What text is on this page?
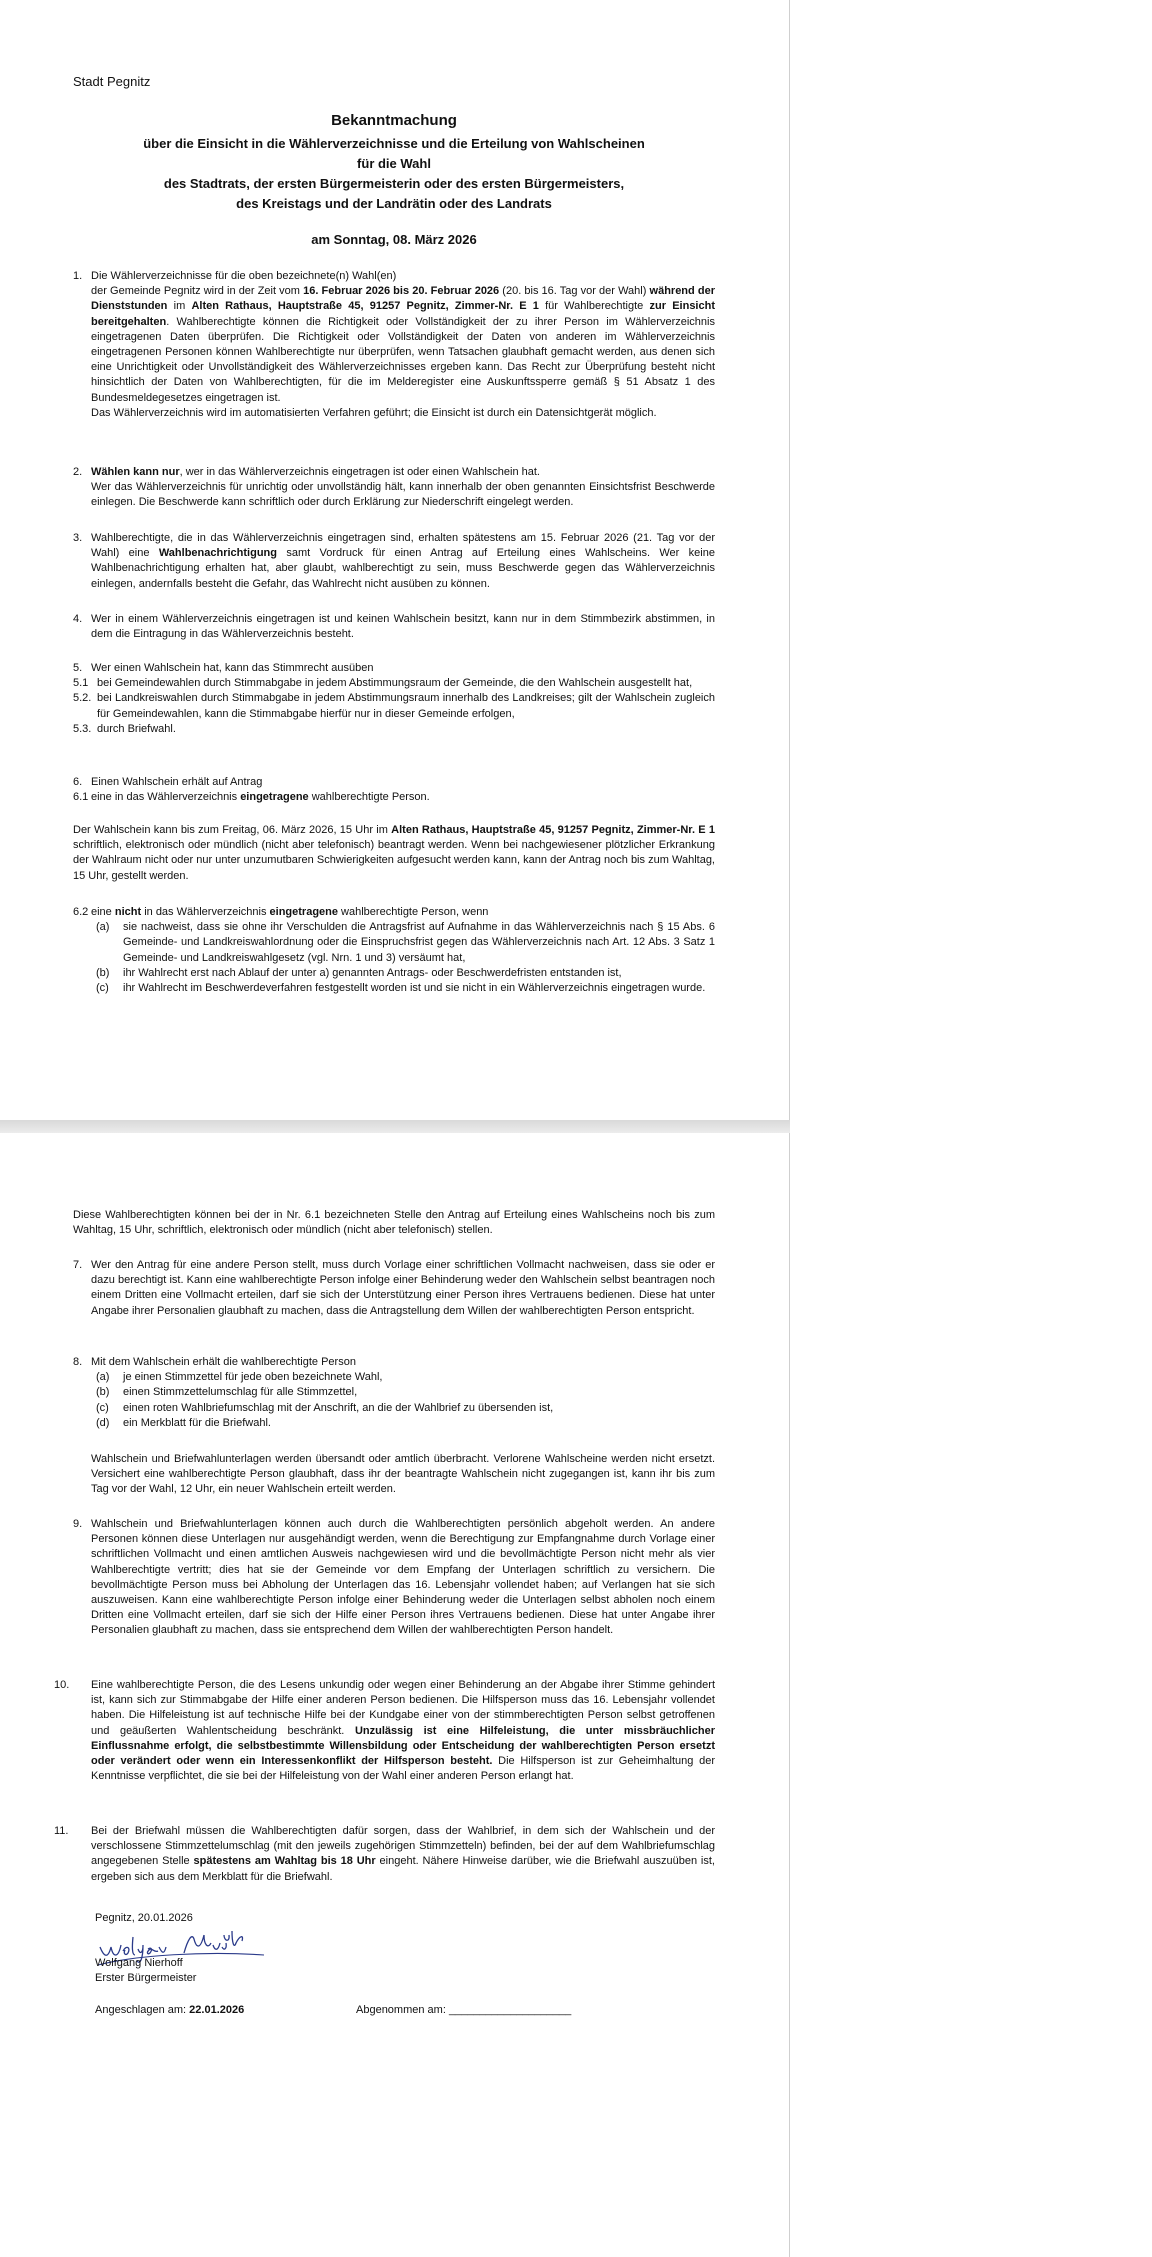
Stadt Pegnitz
Bekanntmachung
über die Einsicht in die Wählerverzeichnisse und die Erteilung von Wahlscheinen
für die Wahl
des Stadtrats, der ersten Bürgermeisterin oder des ersten Bürgermeisters,
des Kreistags und der Landrätin oder des Landrats
am Sonntag, 08. März 2026
1. Die Wählerverzeichnisse für die oben bezeichnete(n) Wahl(en)

der Gemeinde Pegnitz wird in der Zeit vom 16. Februar 2026 bis 20. Februar 2026 (20. bis 16. Tag vor der Wahl) während der Dienststunden im Alten Rathaus, Hauptstraße 45, 91257 Pegnitz, Zimmer-Nr. E 1 für Wahlberechtigte zur Einsicht bereitgehalten. Wahlberechtigte können die Richtigkeit oder Vollständigkeit der zu ihrer Person im Wählerverzeichnis eingetragenen Daten überprüfen. Die Richtigkeit oder Vollständigkeit der Daten von anderen im Wählerverzeichnis eingetragenen Personen können Wahlberechtigte nur überprüfen, wenn Tatsachen glaubhaft gemacht werden, aus denen sich eine Unrichtigkeit oder Unvollständigkeit des Wählerverzeichnisses ergeben kann. Das Recht zur Überprüfung besteht nicht hinsichtlich der Daten von Wahlberechtigten, für die im Melderegister eine Auskunftssperre gemäß § 51 Absatz 1 des Bundesmeldegesetzes eingetragen ist.

Das Wählerverzeichnis wird im automatisierten Verfahren geführt; die Einsicht ist durch ein Datensichtgerät möglich.

2. Wählen kann nur, wer in das Wählerverzeichnis eingetragen ist oder einen Wahlschein hat.

Wer das Wählerverzeichnis für unrichtig oder unvollständig hält, kann innerhalb der oben genannten Einsichtsfrist Beschwerde einlegen. Die Beschwerde kann schriftlich oder durch Erklärung zur Niederschrift eingelegt werden.

3. Wahlberechtigte, die in das Wählerverzeichnis eingetragen sind, erhalten spätestens am 15. Februar 2026 (21. Tag vor der Wahl) eine Wahlbenachrichtigung samt Vordruck für einen Antrag auf Erteilung eines Wahlscheins. Wer keine Wahlbenachrichtigung erhalten hat, aber glaubt, wahlberechtigt zu sein, muss Beschwerde gegen das Wählerverzeichnis einlegen, andernfalls besteht die Gefahr, das Wahlrecht nicht ausüben zu können.

4. Wer in einem Wählerverzeichnis eingetragen ist und keinen Wahlschein besitzt, kann nur in dem Stimmbezirk abstimmen, in dem die Eintragung in das Wählerverzeichnis besteht.

5. Wer einen Wahlschein hat, kann das Stimmrecht ausüben

5.1 bei Gemeindewahlen durch Stimmabgabe in jedem Abstimmungsraum der Gemeinde, die den Wahlschein ausgestellt hat,
5.2. bei Landkreiswahlen durch Stimmabgabe in jedem Abstimmungsraum innerhalb des Landkreises; gilt der Wahlschein zugleich für Gemeindewahlen, kann die Stimmabgabe hierfür nur in dieser Gemeinde erfolgen,
5.3. durch Briefwahl.
6. Einen Wahlschein erhält auf Antrag

6.1 eine in das Wählerverzeichnis eingetragene wahlberechtigte Person.

Der Wahlschein kann bis zum Freitag, 06. März 2026, 15 Uhr im Alten Rathaus, Hauptstraße 45, 91257 Pegnitz, Zimmer-Nr. E 1 schriftlich, elektronisch oder mündlich (nicht aber telefonisch) beantragt werden. Wenn bei nachgewiesener plötzlicher Erkrankung der Wahlraum nicht oder nur unter unzumutbaren Schwierigkeiten aufgesucht werden kann, kann der Antrag noch bis zum Wahltag, 15 Uhr, gestellt werden.

6.2 eine nicht in das Wählerverzeichnis eingetragene wahlberechtigte Person, wenn
(a) sie nachweist, dass sie ohne ihr Verschulden die Antragsfrist auf Aufnahme in das Wählerverzeichnis nach § 15 Abs. 6 Gemeinde- und Landkreiswahlordnung oder die Einspruchsfrist gegen das Wählerverzeichnis nach Art. 12 Abs. 3 Satz 1 Gemeinde- und Landkreiswahlgesetz (vgl. Nrn. 1 und 3) versäumt hat,
(b) ihr Wahlrecht erst nach Ablauf der unter a) genannten Antrags- oder Beschwerdefristen entstanden ist,
(c) ihr Wahlrecht im Beschwerdeverfahren festgestellt worden ist und sie nicht in ein Wählerverzeichnis eingetragen wurde.
Diese Wahlberechtigten können bei der in Nr. 6.1 bezeichneten Stelle den Antrag auf Erteilung eines Wahlscheins noch bis zum Wahltag, 15 Uhr, schriftlich, elektronisch oder mündlich (nicht aber telefonisch) stellen.
7. Wer den Antrag für eine andere Person stellt, muss durch Vorlage einer schriftlichen Vollmacht nachweisen, dass sie oder er dazu berechtigt ist. Kann eine wahlberechtigte Person infolge einer Behinderung weder den Wahlschein selbst beantragen noch einem Dritten eine Vollmacht erteilen, darf sie sich der Unterstützung einer Person ihres Vertrauens bedienen. Diese hat unter Angabe ihrer Personalien glaubhaft zu machen, dass die Antragstellung dem Willen der wahlberechtigten Person entspricht.

8. Mit dem Wahlschein erhält die wahlberechtigte Person

(a) je einen Stimmzettel für jede oben bezeichnete Wahl,
(b) einen Stimmzettelumschlag für alle Stimmzettel,
(c) einen roten Wahlbriefumschlag mit der Anschrift, an die der Wahlbrief zu übersenden ist,
(d) ein Merkblatt für die Briefwahl.
Wahlschein und Briefwahlunterlagen werden übersandt oder amtlich überbracht. Verlorene Wahlscheine werden nicht ersetzt. Versichert eine wahlberechtigte Person glaubhaft, dass ihr der beantragte Wahlschein nicht zugegangen ist, kann ihr bis zum Tag vor der Wahl, 12 Uhr, ein neuer Wahlschein erteilt werden.
9. Wahlschein und Briefwahlunterlagen können auch durch die Wahlberechtigten persönlich abgeholt werden. An andere Personen können diese Unterlagen nur ausgehändigt werden, wenn die Berechtigung zur Empfangnahme durch Vorlage einer schriftlichen Vollmacht und einen amtlichen Ausweis nachgewiesen wird und die bevollmächtigte Person nicht mehr als vier Wahlberechtigte vertritt; dies hat sie der Gemeinde vor dem Empfang der Unterlagen schriftlich zu versichern. Die bevollmächtigte Person muss bei Abholung der Unterlagen das 16. Lebensjahr vollendet haben; auf Verlangen hat sie sich auszuweisen. Kann eine wahlberechtigte Person infolge einer Behinderung weder die Unterlagen selbst abholen noch einem Dritten eine Vollmacht erteilen, darf sie sich der Hilfe einer Person ihres Vertrauens bedienen. Diese hat unter Angabe ihrer Personalien glaubhaft zu machen, dass sie entsprechend dem Willen der wahlberechtigten Person handelt.

10. Eine wahlberechtigte Person, die des Lesens unkundig oder wegen einer Behinderung an der Abgabe ihrer Stimme gehindert ist, kann sich zur Stimmabgabe der Hilfe einer anderen Person bedienen. Die Hilfsperson muss das 16. Lebensjahr vollendet haben. Die Hilfeleistung ist auf technische Hilfe bei der Kundgabe einer von der stimmberechtigten Person selbst getroffenen und geäußerten Wahlentscheidung beschränkt. Unzulässig ist eine Hilfeleistung, die unter missbräuchlicher Einflussnahme erfolgt, die selbstbestimmte Willensbildung oder Entscheidung der wahlberechtigten Person ersetzt oder verändert oder wenn ein Interessenkonflikt der Hilfsperson besteht. Die Hilfsperson ist zur Geheimhaltung der Kenntnisse verpflichtet, die sie bei der Hilfeleistung von der Wahl einer anderen Person erlangt hat.

11. Bei der Briefwahl müssen die Wahlberechtigten dafür sorgen, dass der Wahlbrief, in dem sich der Wahlschein und der verschlossene Stimmzettelumschlag (mit den jeweils zugehörigen Stimmzetteln) befinden, bei der auf dem Wahlbriefumschlag angegebenen Stelle spätestens am Wahltag bis 18 Uhr eingeht. Nähere Hinweise darüber, wie die Briefwahl auszuüben ist, ergeben sich aus dem Merkblatt für die Briefwahl.

Pegnitz, 20.01.2026
Wolfgang Nierhoff
Erster Bürgermeister
Angeschlagen am: 22.01.2026	Abgenommen am: ____________________
